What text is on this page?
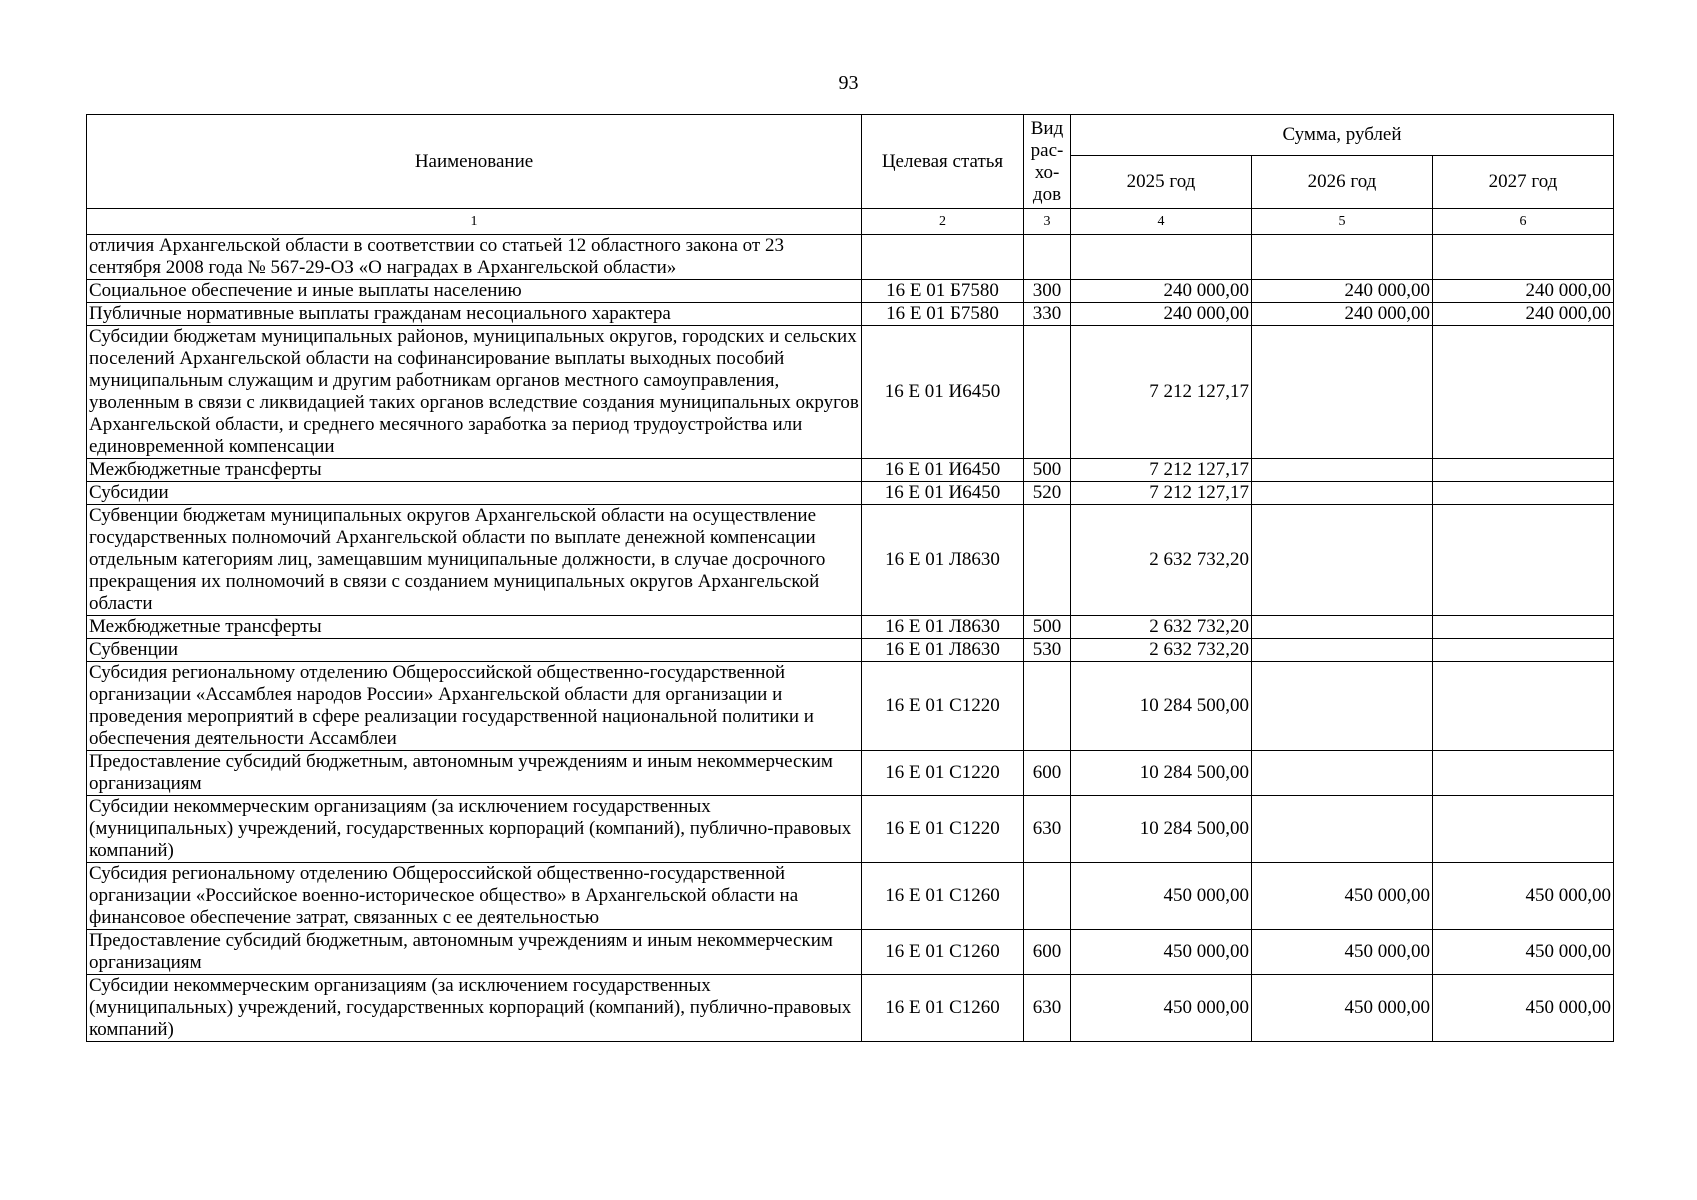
93
Наименование	Целевая статья	Вид
рас-
хо-
дов	Сумма, рублей		
			2025 год	2026 год	2027 год
1	2	3	4	5	6
отличия Архангельской области в соответствии со статьей 12 областного закона от 23 сентября 2008 года № 567-29-ОЗ «О наградах в Архангельской области»					
Социальное обеспечение и иные выплаты населению	16 Е 01 Б7580	300	240 000,00	240 000,00	240 000,00
Публичные нормативные выплаты гражданам несоциального характера	16 Е 01 Б7580	330	240 000,00	240 000,00	240 000,00
Субсидии бюджетам муниципальных районов, муниципальных округов, городских и сельских поселений Архангельской области на софинансирование выплаты выходных пособий муниципальным служащим и другим работникам органов местного самоуправления, уволенным в связи с ликвидацией таких органов вследствие создания муниципальных округов Архангельской области, и среднего месячного заработка за период трудоустройства или единовременной компенсации	16 Е 01 И6450		7 212 127,17		
Межбюджетные трансферты	16 Е 01 И6450	500	7 212 127,17		
Субсидии	16 Е 01 И6450	520	7 212 127,17		
Субвенции бюджетам муниципальных округов Архангельской области на осуществление государственных полномочий Архангельской области по выплате денежной компенсации отдельным категориям лиц, замещавшим муниципальные должности, в случае досрочного прекращения их полномочий в связи с созданием муниципальных округов Архангельской области	16 Е 01 Л8630		2 632 732,20		
Межбюджетные трансферты	16 Е 01 Л8630	500	2 632 732,20		
Субвенции	16 Е 01 Л8630	530	2 632 732,20		
Субсидия региональному отделению Общероссийской общественно-государственной организации «Ассамблея народов России» Архангельской области для организации и проведения мероприятий в сфере реализации государственной национальной политики и обеспечения деятельности Ассамблеи	16 Е 01 С1220		10 284 500,00		
Предоставление субсидий бюджетным, автономным учреждениям и иным некоммерческим организациям	16 Е 01 С1220	600	10 284 500,00		
Субсидии некоммерческим организациям (за исключением государственных (муниципальных) учреждений, государственных корпораций (компаний), публично-правовых компаний)	16 Е 01 С1220	630	10 284 500,00		
Субсидия региональному отделению Общероссийской общественно-государственной организации «Российское военно-историческое общество» в Архангельской области на финансовое обеспечение затрат, связанных с ее деятельностью	16 Е 01 С1260		450 000,00	450 000,00	450 000,00
Предоставление субсидий бюджетным, автономным учреждениям и иным некоммерческим организациям	16 Е 01 С1260	600	450 000,00	450 000,00	450 000,00
Субсидии некоммерческим организациям (за исключением государственных (муниципальных) учреждений, государственных корпораций (компаний), публично-правовых компаний)	16 Е 01 С1260	630	450 000,00	450 000,00	450 000,00
